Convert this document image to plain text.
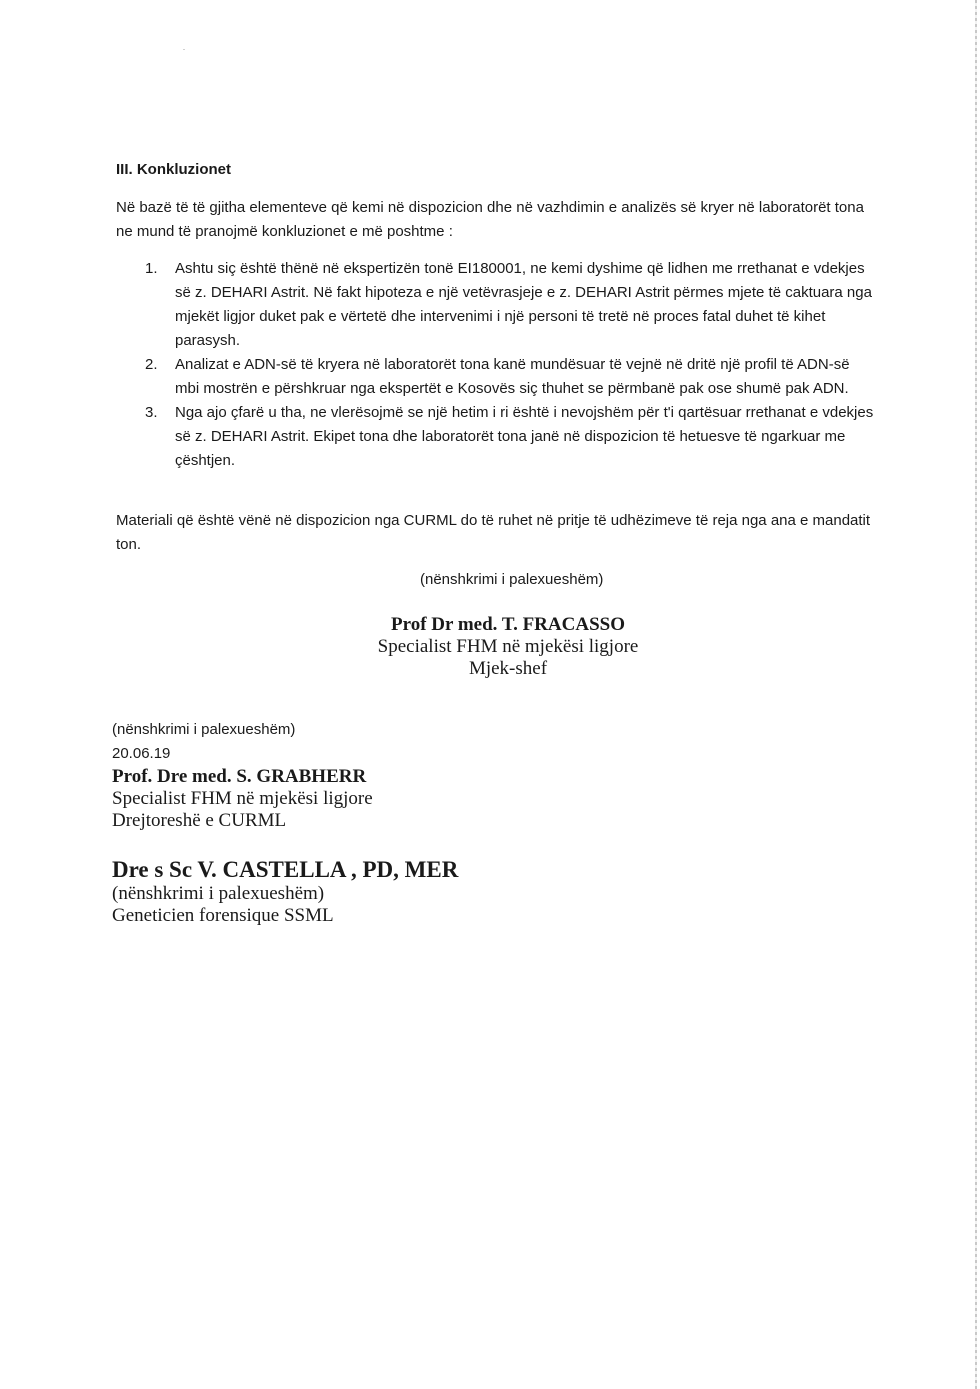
III. Konkluzionet
Në bazë të të gjitha elementeve që kemi në dispozicion dhe në vazhdimin e analizës së kryer në laboratorët tona ne mund të pranojmë konkluzionet e më poshtme :
1. Ashtu siç është thënë në ekspertizën tonë EI180001, ne kemi dyshime që lidhen me rrethanat e vdekjes së z. DEHARI Astrit. Në fakt hipoteza e një vetëvrasjeje e z. DEHARI Astrit përmes mjete të caktuara nga mjekët ligjor duket pak e vërtetë dhe intervenimi i një personi të tretë në proces fatal duhet të kihet parasysh.
2. Analizat e ADN-së të kryera në laboratorët tona kanë mundësuar të vejnë në dritë një profil të ADN-së mbi mostrën e përshkruar nga ekspertët e Kosovës siç thuhet se përmbanë pak ose shumë pak ADN.
3. Nga ajo çfarë u tha, ne vlerësojmë se një hetim i ri është i nevojshëm për t'i qartësuar rrethanat e vdekjes së z. DEHARI Astrit. Ekipet tona dhe laboratorët tona janë në dispozicion të hetuesve të ngarkuar me çështjen.
Materiali që është vënë në dispozicion nga CURML do të ruhet në pritje të udhëzimeve të reja nga ana e mandatit ton.
(nënshkrimi i palexueshëm)
Prof Dr med. T. FRACASSO
Specialist FHM në mjekësi ligjore
Mjek-shef
(nënshkrimi i palexueshëm)
20.06.19
Prof. Dre med. S. GRABHERR
Specialist FHM në mjekësi ligjore
Drejtoreshë e CURML
Dre s Sc V. CASTELLA , PD, MER
(nënshkrimi i palexueshëm)
Geneticien forensique SSML
